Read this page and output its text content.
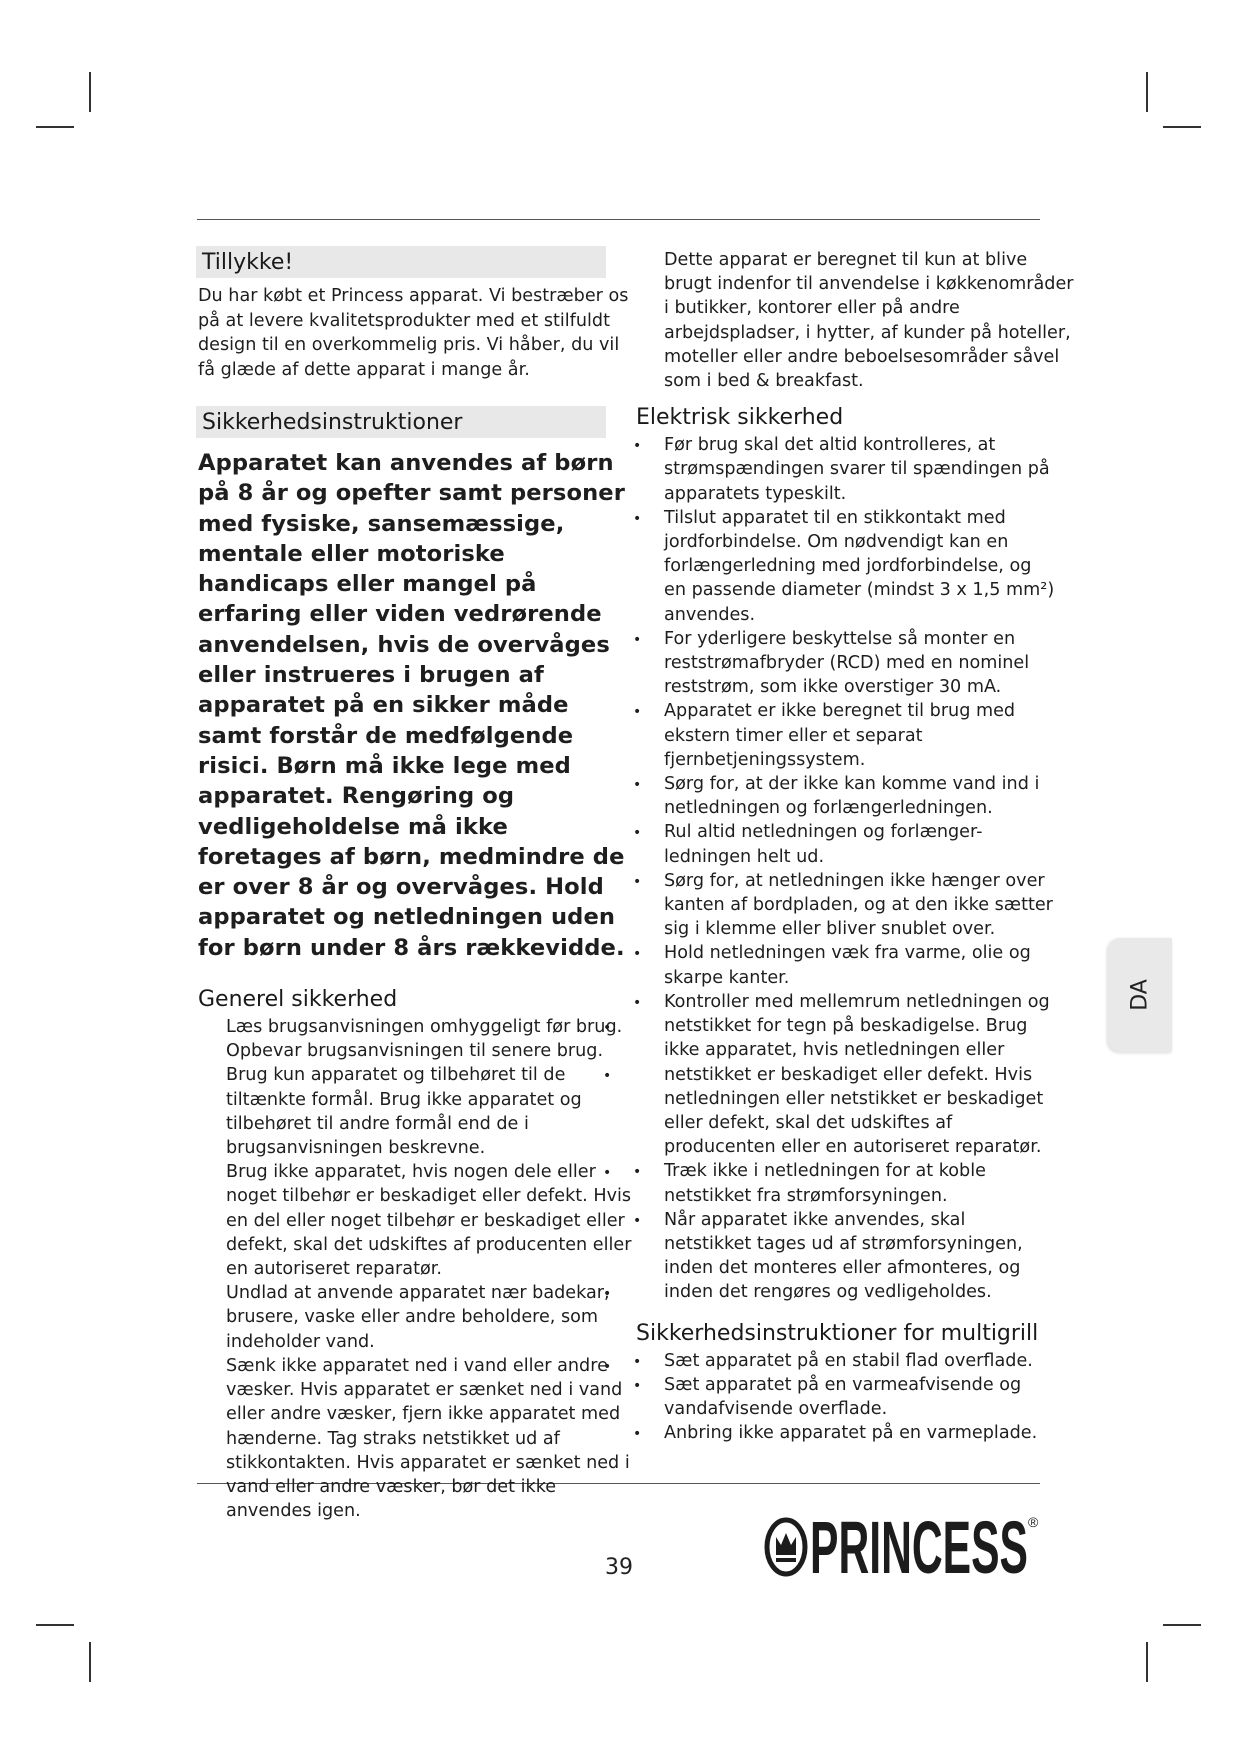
Tillykke!

Du har købt et Princess apparat. Vi bestræber os på at levere kvalitetsprodukter med et stilfuldt design til en overkommelig pris. Vi håber, du vil få glæde af dette apparat i mange år.

Sikkerhedsinstruktioner

Apparatet kan anvendes af børn på 8 år og opefter samt personer med fysiske, sansemæssige, mentale eller motoriske handicaps eller mangel på erfaring eller viden vedrørende anvendelsen, hvis de overvåges eller instrueres i brugen af apparatet på en sikker måde samt forstår de medfølgende risici. Børn må ikke lege med apparatet. Rengøring og vedligeholdelse må ikke foretages af børn, medmindre de er over 8 år og overvåges. Hold apparatet og netledningen uden for børn under 8 års rækkevidde.

Generel sikkerhed
• Læs brugsanvisningen omhyggeligt før brug. Opbevar brugsanvisningen til senere brug.
• Brug kun apparatet og tilbehøret til de tiltænkte formål. Brug ikke apparatet og tilbehøret til andre formål end de i brugsanvisningen beskrevne.
• Brug ikke apparatet, hvis nogen dele eller noget tilbehør er beskadiget eller defekt. Hvis en del eller noget tilbehør er beskadiget eller defekt, skal det udskiftes af producenten eller en autoriseret reparatør.
• Undlad at anvende apparatet nær badekar, brusere, vaske eller andre beholdere, som indeholder vand.
• Sænk ikke apparatet ned i vand eller andre væsker. Hvis apparatet er sænket ned i vand eller andre væsker, fjern ikke apparatet med hænderne. Tag straks netstikket ud af stikkontakten. Hvis apparatet er sænket ned i vand eller andre væsker, bør det ikke anvendes igen.

Dette apparat er beregnet til kun at blive brugt indenfor til anvendelse i køkkenområder i butikker, kontorer eller på andre arbejdspladser, i hytter, af kunder på hoteller, moteller eller andre beboelsesområder såvel som i bed & breakfast.

Elektrisk sikkerhed
• Før brug skal det altid kontrolleres, at strømspændingen svarer til spændingen på apparatets typeskilt.
• Tilslut apparatet til en stikkontakt med jordforbindelse. Om nødvendigt kan en forlængerledning med jordforbindelse, og en passende diameter (mindst 3 x 1,5 mm²) anvendes.
• For yderligere beskyttelse så monter en reststrømafbryder (RCD) med en nominel reststrøm, som ikke overstiger 30 mA.
• Apparatet er ikke beregnet til brug med ekstern timer eller et separat fjernbetjeningssystem.
• Sørg for, at der ikke kan komme vand ind i netledningen og forlængerledningen.
• Rul altid netledningen og forlænger-ledningen helt ud.
• Sørg for, at netledningen ikke hænger over kanten af bordpladen, og at den ikke sætter sig i klemme eller bliver snublet over.
• Hold netledningen væk fra varme, olie og skarpe kanter.
• Kontroller med mellemrum netledningen og netstikket for tegn på beskadigelse. Brug ikke apparatet, hvis netledningen eller netstikket er beskadiget eller defekt. Hvis netledningen eller netstikket er beskadiget eller defekt, skal det udskiftes af producenten eller en autoriseret reparatør.
• Træk ikke i netledningen for at koble netstikket fra strømforsyningen.
• Når apparatet ikke anvendes, skal netstikket tages ud af strømforsyningen, inden det monteres eller afmonteres, og inden det rengøres og vedligeholdes.
Sikkerhedsinstruktioner for multigrill
• Sæt apparatet på en stabil flad overflade.
• Sæt apparatet på en varmeafvisende og vandafvisende overflade.
• Anbring ikke apparatet på en varmeplade.
DA
39 PRINCESS ®
